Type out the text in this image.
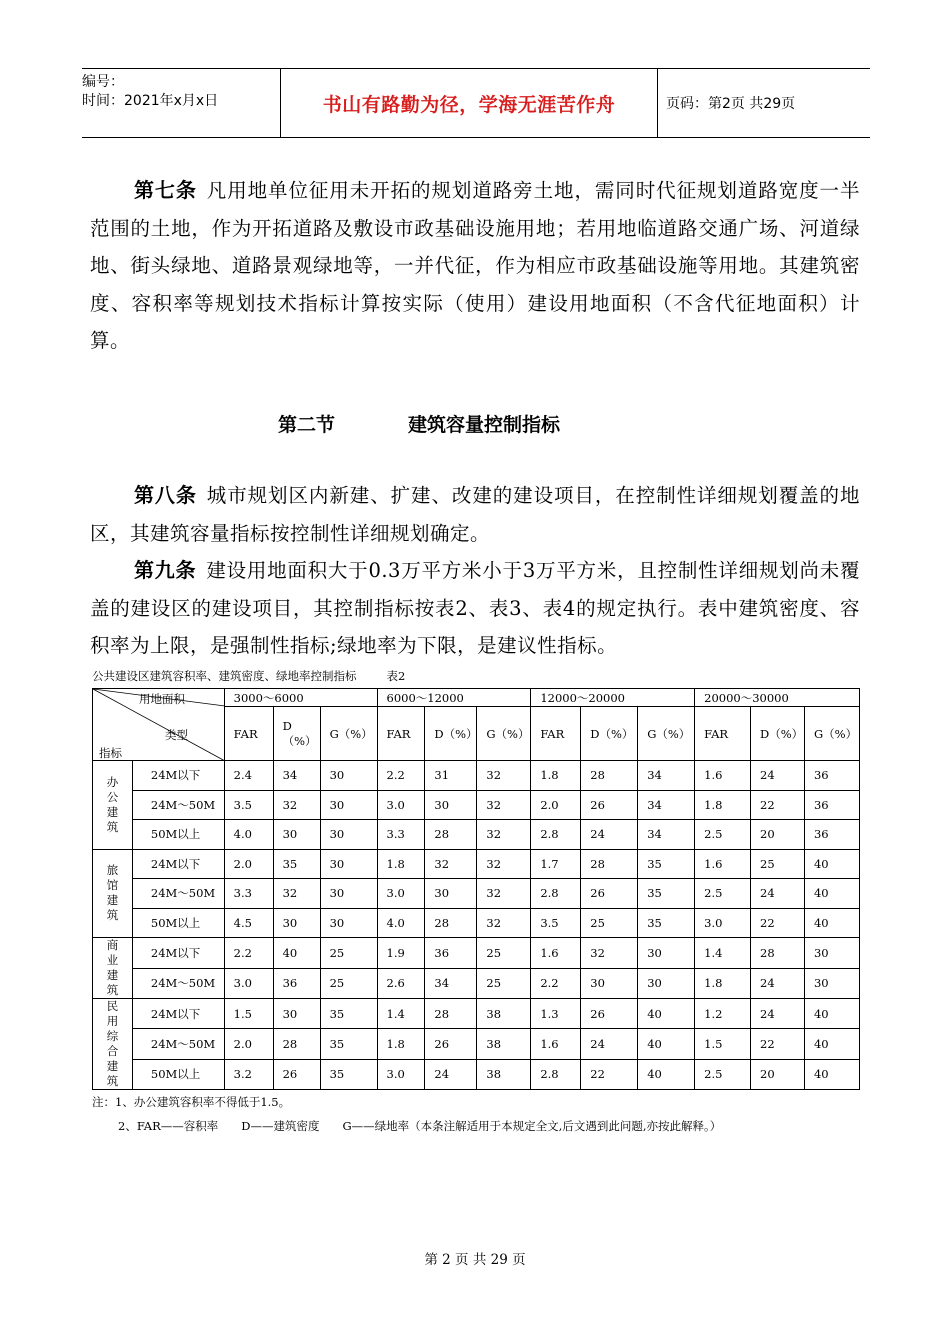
编号：
时间：2021年x月x日	书山有路勤为径，学海无涯苦作舟	页码：第2页 共29页

第七条 凡用地单位征用未开拓的规划道路旁土地，需同时代征规划道路宽度一半范围的土地，作为开拓道路及敷设市政基础设施用地；若用地临道路交通广场、河道绿地、街头绿地、道路景观绿地等，一并代征，作为相应市政基础设施等用地。其建筑密度、容积率等规划技术指标计算按实际（使用）建设用地面积（不含代征地面积）计算。

第二节	建筑容量控制指标

第八条 城市规划区内新建、扩建、改建的建设项目，在控制性详细规划覆盖的地区，其建筑容量指标按控制性详细规划确定。

第九条 建设用地面积大于0.3万平方米小于3万平方米，且控制性详细规划尚未覆盖的建设区的建设项目，其控制指标按表2、表3、表4的规定执行。表中建筑密度、容积率为上限，是强制性指标;绿地率为下限，是建议性指标。

公共建设区建筑容积率、建筑密度、绿地率控制指标	表2
用地面积
类型
指标		3000～6000			6000～12000			12000～20000			20000～30000		
		FAR	D（%）	G（%）	FAR	D（%）	G（%）	FAR	D（%）	G（%）	FAR	D（%）	G（%）

办公建筑	24M以下	2.4	34	30	2.2	31	32	1.8	28	34	1.6	24	36
	24M～50M	3.5	32	30	3.0	30	32	2.0	26	34	1.8	22	36
	50M以上	4.0	30	30	3.3	28	32	2.8	24	34	2.5	20	36

旅馆建筑	24M以下	2.0	35	30	1.8	32	32	1.7	28	35	1.6	25	40
	24M～50M	3.3	32	30	3.0	30	32	2.8	26	35	2.5	24	40
	50M以上	4.5	30	30	4.0	28	32	3.5	25	35	3.0	22	40

商业建筑	24M以下	2.2	40	25	1.9	36	25	1.6	32	30	1.4	28	30
	24M～50M	3.0	36	25	2.6	34	25	2.2	30	30	1.8	24	30

民用综合建筑	24M以下	1.5	30	35	1.4	28	38	1.3	26	40	1.2	24	40
	24M～50M	2.0	28	35	1.8	26	38	1.6	24	40	1.5	22	40
	50M以上	3.2	26	35	3.0	24	38	2.8	22	40	2.5	20	40

注：1、办公建筑容积率不得低于1.5。

2、FAR——容积率　　D——建筑密度　　G——绿地率（本条注解适用于本规定全文,后文遇到此问题,亦按此解释。）

第 2 页 共 29 页
